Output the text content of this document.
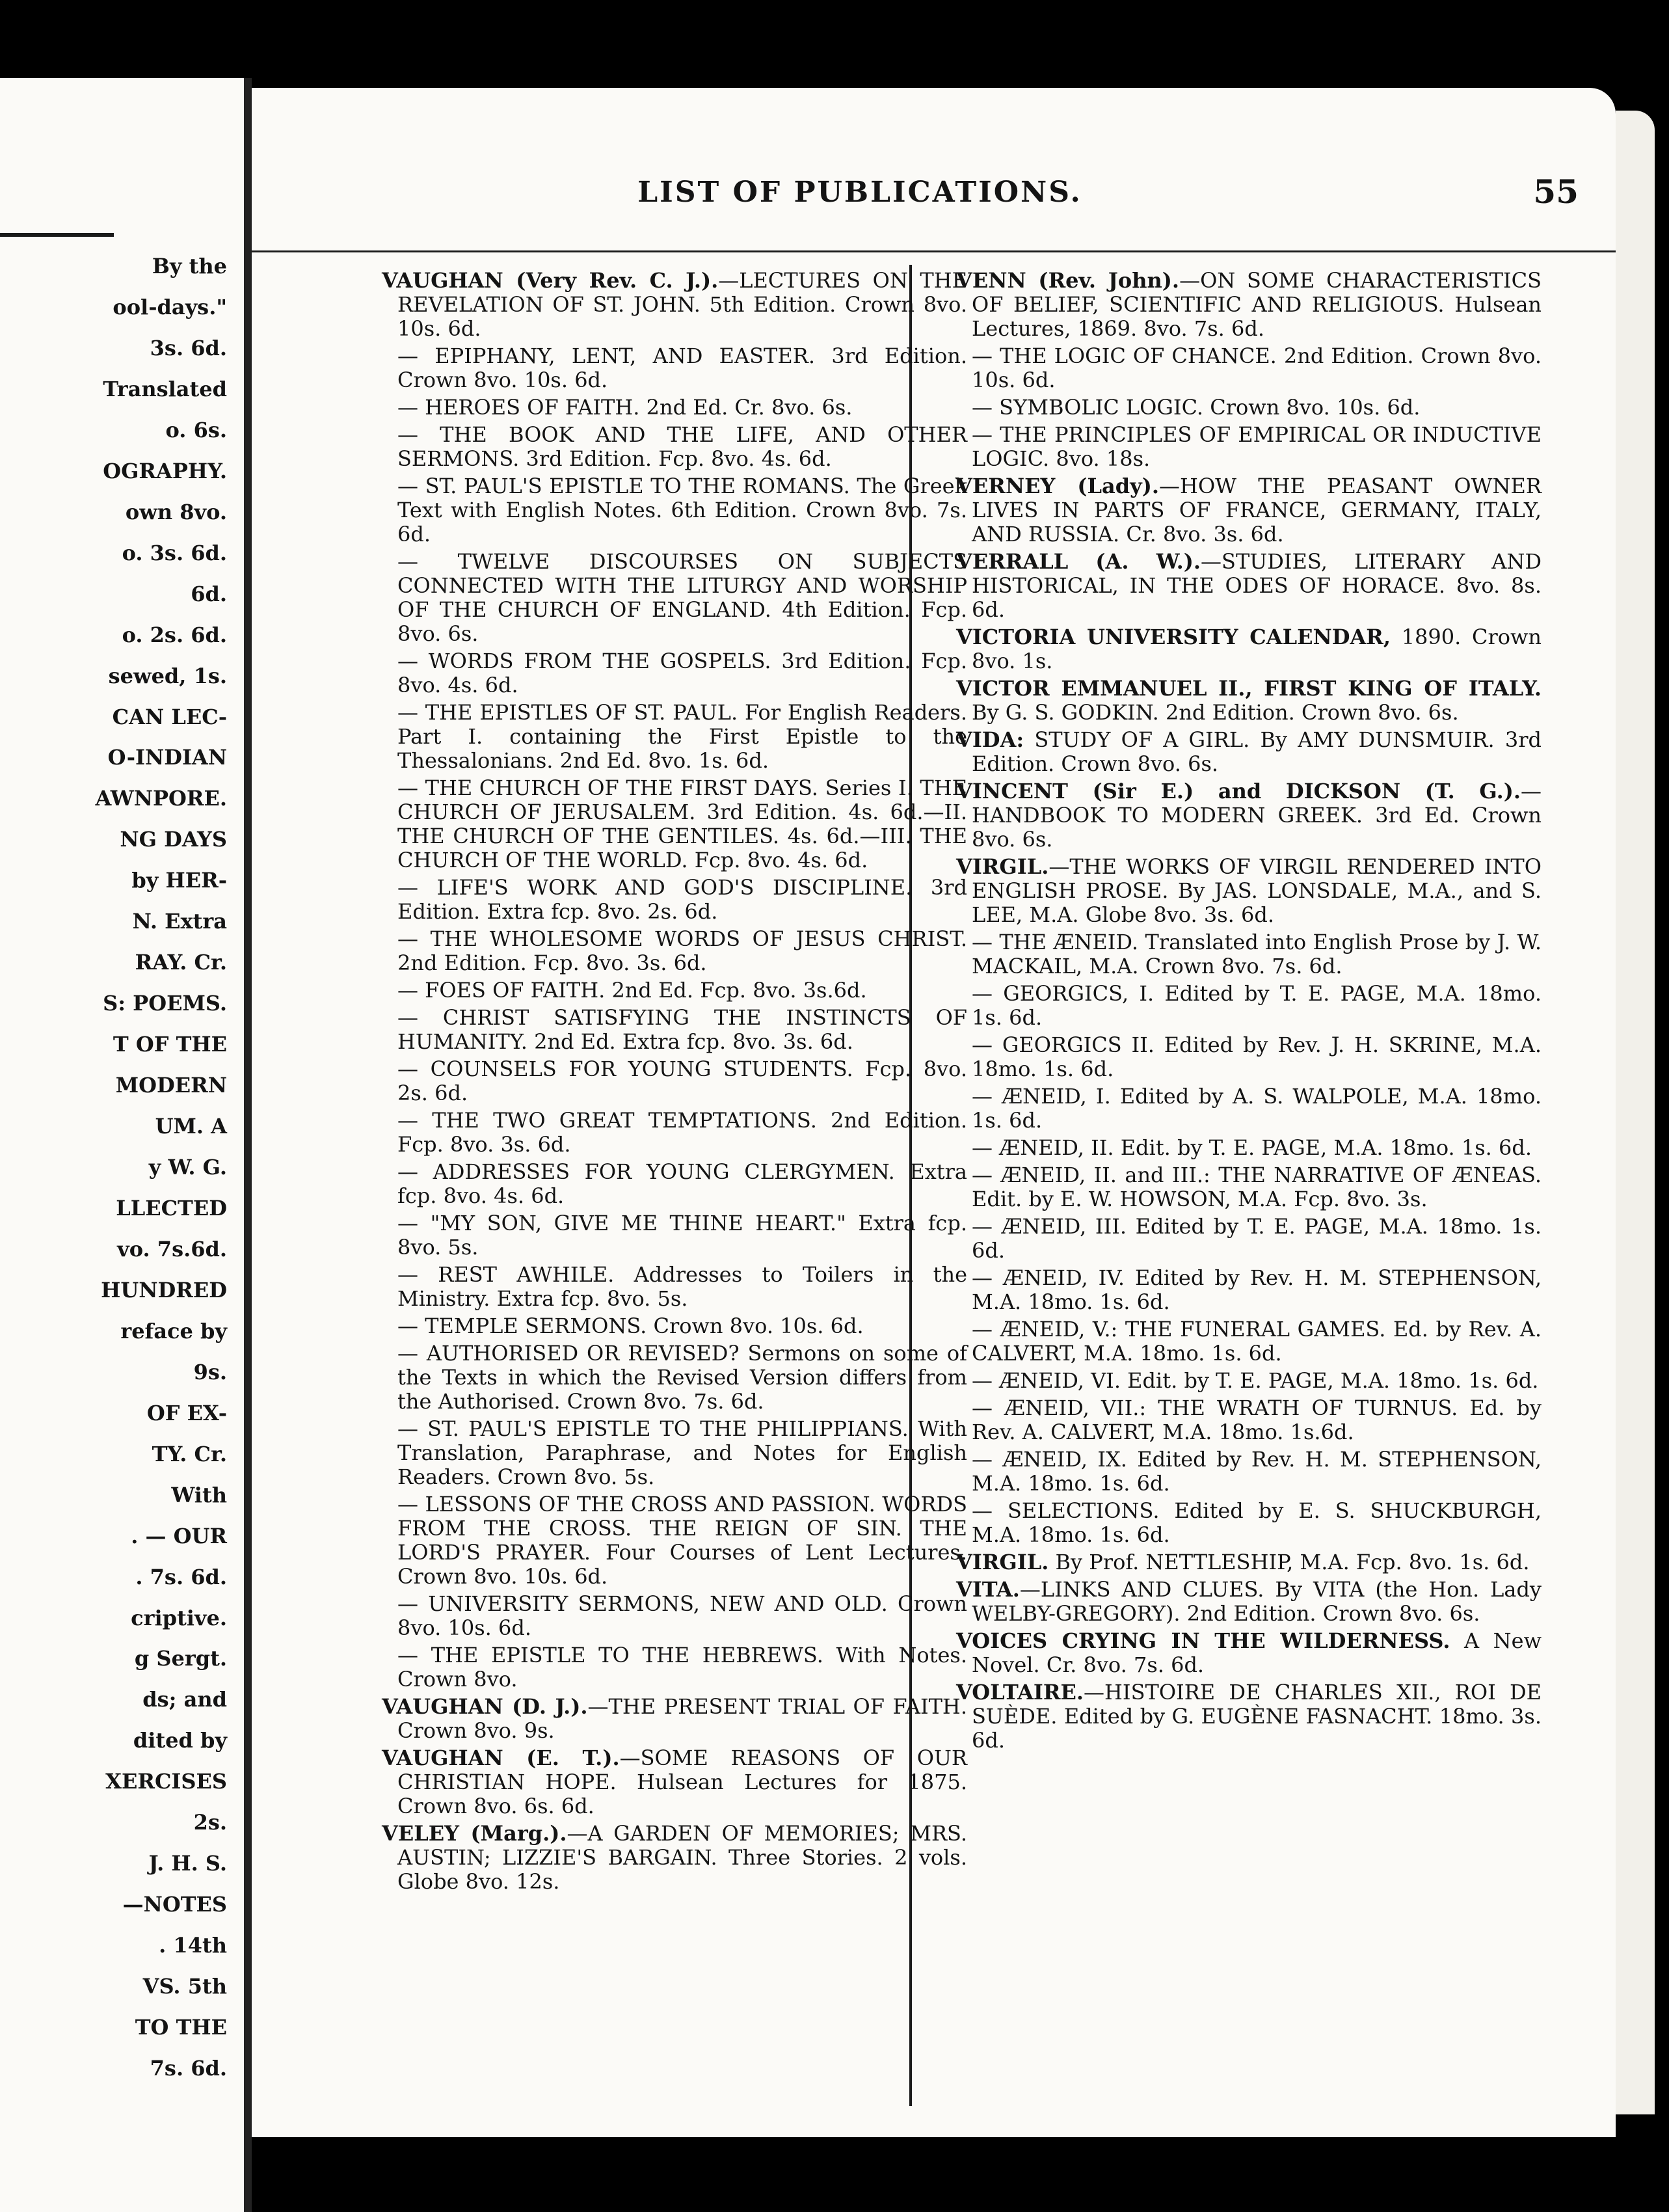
By the
ool-days."
3s. 6d.
Translated
o. 6s.
OGRAPHY.
own 8vo.
o. 3s. 6d.
6d.
o. 2s. 6d.
sewed, 1s.
CAN LEC-
O-INDIAN
AWNPORE.
NG DAYS
by HER-
N. Extra
RAY. Cr.
S: POEMS.
T OF THE
MODERN
UM. A
y W. G.
LLECTED
vo. 7s.6d.
HUNDRED
reface by
9s.
OF EX-
TY. Cr.
With
. — OUR
. 7s. 6d.
criptive.
g Sergt.
ds; and
dited by
XERCISES
2s.
J. H. S.
—NOTES
. 14th
VS. 5th
TO THE
7s. 6d.
LIST OF PUBLICATIONS.	55
VAUGHAN (Very Rev. C. J.).—LECTURES ON THE REVELATION OF ST. JOHN. 5th Edition. Crown 8vo. 10s. 6d.
— EPIPHANY, LENT, AND EASTER. 3rd Edition. Crown 8vo. 10s. 6d.
— HEROES OF FAITH. 2nd Ed. Cr. 8vo. 6s.
— THE BOOK AND THE LIFE, AND OTHER SERMONS. 3rd Edition. Fcp. 8vo. 4s. 6d.
— ST. PAUL'S EPISTLE TO THE ROMANS. The Greek Text with English Notes. 6th Edition. Crown 8vo. 7s. 6d.
— TWELVE DISCOURSES ON SUBJECTS CONNECTED WITH THE LITURGY AND WORSHIP OF THE CHURCH OF ENGLAND. 4th Edition. Fcp. 8vo. 6s.
— WORDS FROM THE GOSPELS. 3rd Edition. Fcp. 8vo. 4s. 6d.
— THE EPISTLES OF ST. PAUL. For English Readers. Part I. containing the First Epistle to the Thessalonians. 2nd Ed. 8vo. 1s. 6d.
— THE CHURCH OF THE FIRST DAYS. Series I. THE CHURCH OF JERUSALEM. 3rd Edition. 4s. 6d.—II. THE CHURCH OF THE GENTILES. 4s. 6d.—III. THE CHURCH OF THE WORLD. Fcp. 8vo. 4s. 6d.
— LIFE'S WORK AND GOD'S DISCIPLINE. 3rd Edition. Extra fcp. 8vo. 2s. 6d.
— THE WHOLESOME WORDS OF JESUS CHRIST. 2nd Edition. Fcp. 8vo. 3s. 6d.
— FOES OF FAITH. 2nd Ed. Fcp. 8vo. 3s.6d.
— CHRIST SATISFYING THE INSTINCTS OF HUMANITY. 2nd Ed. Extra fcp. 8vo. 3s. 6d.
— COUNSELS FOR YOUNG STUDENTS. Fcp. 8vo. 2s. 6d.
— THE TWO GREAT TEMPTATIONS. 2nd Edition. Fcp. 8vo. 3s. 6d.
— ADDRESSES FOR YOUNG CLERGYMEN. Extra fcp. 8vo. 4s. 6d.
— "MY SON, GIVE ME THINE HEART." Extra fcp. 8vo. 5s.
— REST AWHILE. Addresses to Toilers in the Ministry. Extra fcp. 8vo. 5s.
— TEMPLE SERMONS. Crown 8vo. 10s. 6d.
— AUTHORISED OR REVISED? Sermons on some of the Texts in which the Revised Version differs from the Authorised. Crown 8vo. 7s. 6d.
— ST. PAUL'S EPISTLE TO THE PHILIPPIANS. With Translation, Paraphrase, and Notes for English Readers. Crown 8vo. 5s.
— LESSONS OF THE CROSS AND PASSION. WORDS FROM THE CROSS. THE REIGN OF SIN. THE LORD'S PRAYER. Four Courses of Lent Lectures. Crown 8vo. 10s. 6d.
— UNIVERSITY SERMONS, NEW AND OLD. Crown 8vo. 10s. 6d.
— THE EPISTLE TO THE HEBREWS. With Notes. Crown 8vo.
VAUGHAN (D. J.).—THE PRESENT TRIAL OF FAITH. Crown 8vo. 9s.
VAUGHAN (E. T.).—SOME REASONS OF OUR CHRISTIAN HOPE. Hulsean Lectures for 1875. Crown 8vo. 6s. 6d.
VELEY (Marg.).—A GARDEN OF MEMORIES; MRS. AUSTIN; LIZZIE'S BARGAIN. Three Stories. 2 vols. Globe 8vo. 12s.
VENN (Rev. John).—ON SOME CHARACTERISTICS OF BELIEF, SCIENTIFIC AND RELIGIOUS. Hulsean Lectures, 1869. 8vo. 7s. 6d.
— THE LOGIC OF CHANCE. 2nd Edition. Crown 8vo. 10s. 6d.
— SYMBOLIC LOGIC. Crown 8vo. 10s. 6d.
— THE PRINCIPLES OF EMPIRICAL OR INDUCTIVE LOGIC. 8vo. 18s.
VERNEY (Lady).—HOW THE PEASANT OWNER LIVES IN PARTS OF FRANCE, GERMANY, ITALY, AND RUSSIA. Cr. 8vo. 3s. 6d.
VERRALL (A. W.).—STUDIES, LITERARY AND HISTORICAL, IN THE ODES OF HORACE. 8vo. 8s. 6d.
VICTORIA UNIVERSITY CALENDAR, 1890. Crown 8vo. 1s.
VICTOR EMMANUEL II., FIRST KING OF ITALY. By G. S. GODKIN. 2nd Edition. Crown 8vo. 6s.
VIDA: STUDY OF A GIRL. By AMY DUNSMUIR. 3rd Edition. Crown 8vo. 6s.
VINCENT (Sir E.) and DICKSON (T. G.).—HANDBOOK TO MODERN GREEK. 3rd Ed. Crown 8vo. 6s.
VIRGIL.—THE WORKS OF VIRGIL RENDERED INTO ENGLISH PROSE. By JAS. LONSDALE, M.A., and S. LEE, M.A. Globe 8vo. 3s. 6d.
— THE ÆNEID. Translated into English Prose by J. W. MACKAIL, M.A. Crown 8vo. 7s. 6d.
— GEORGICS, I. Edited by T. E. PAGE, M.A. 18mo. 1s. 6d.
— GEORGICS II. Edited by Rev. J. H. SKRINE, M.A. 18mo. 1s. 6d.
— ÆNEID, I. Edited by A. S. WALPOLE, M.A. 18mo. 1s. 6d.
— ÆNEID, II. Edit. by T. E. PAGE, M.A. 18mo. 1s. 6d.
— ÆNEID, II. and III.: THE NARRATIVE OF ÆNEAS. Edit. by E. W. HOWSON, M.A. Fcp. 8vo. 3s.
— ÆNEID, III. Edited by T. E. PAGE, M.A. 18mo. 1s. 6d.
— ÆNEID, IV. Edited by Rev. H. M. STEPHENSON, M.A. 18mo. 1s. 6d.
— ÆNEID, V.: THE FUNERAL GAMES. Ed. by Rev. A. CALVERT, M.A. 18mo. 1s. 6d.
— ÆNEID, VI. Edit. by T. E. PAGE, M.A. 18mo. 1s. 6d.
— ÆNEID, VII.: THE WRATH OF TURNUS. Ed. by Rev. A. CALVERT, M.A. 18mo. 1s.6d.
— ÆNEID, IX. Edited by Rev. H. M. STEPHENSON, M.A. 18mo. 1s. 6d.
— SELECTIONS. Edited by E. S. SHUCKBURGH, M.A. 18mo. 1s. 6d.
VIRGIL. By Prof. NETTLESHIP, M.A. Fcp. 8vo. 1s. 6d.
VITA.—LINKS AND CLUES. By VITA (the Hon. Lady WELBY-GREGORY). 2nd Edition. Crown 8vo. 6s.
VOICES CRYING IN THE WILDERNESS. A New Novel. Cr. 8vo. 7s. 6d.
VOLTAIRE.—HISTOIRE DE CHARLES XII., ROI DE SUÈDE. Edited by G. EUGÈNE FASNACHT. 18mo. 3s. 6d.
